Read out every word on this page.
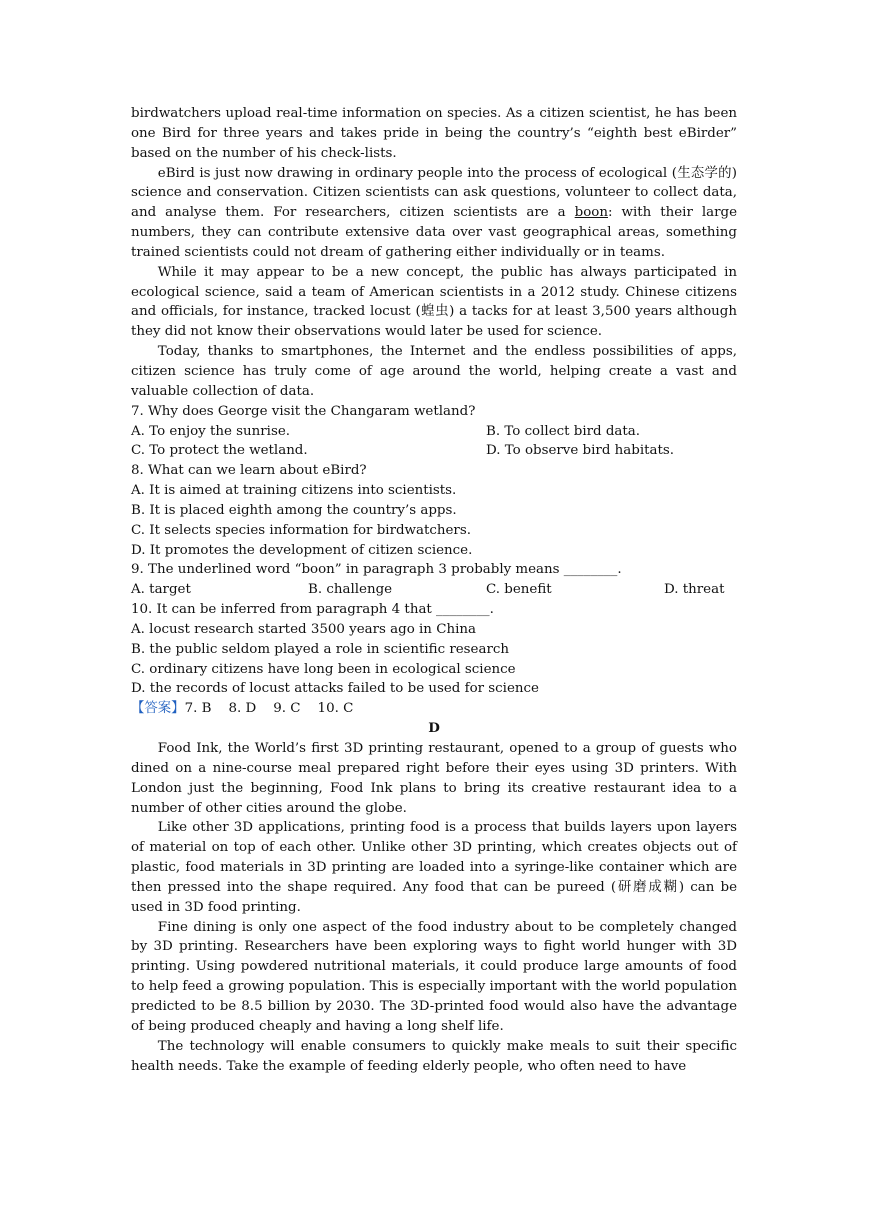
birdwatchers upload real-time information on species. As a citizen scientist, he has been one Bird for three years and takes pride in being the country’s “eighth best eBirder” based on the number of his check-lists.

eBird is just now drawing in ordinary people into the process of ecological (生态学的) science and conservation. Citizen scientists can ask questions, volunteer to collect data, and analyse them. For researchers, citizen scientists are a boon: with their large numbers, they can contribute extensive data over vast geographical areas, something trained scientists could not dream of gathering either individually or in teams.

While it may appear to be a new concept, the public has always participated in ecological science, said a team of American scientists in a 2012 study. Chinese citizens and officials, for instance, tracked locust (蝗虫) a tacks for at least 3,500 years although they did not know their observations would later be used for science.

Today, thanks to smartphones, the Internet and the endless possibilities of apps, citizen science has truly come of age around the world, helping create a vast and valuable collection of data.

7. Why does George visit the Changaram wetland?
A. To enjoy the sunrise.	B. To collect bird data.
C. To protect the wetland.	D. To observe bird habitats.
8. What can we learn about eBird?
A. It is aimed at training citizens into scientists.
B. It is placed eighth among the country’s apps.
C. It selects species information for birdwatchers.
D. It promotes the development of citizen science.
9. The underlined word “boon” in paragraph 3 probably means ________.
A. target	B. challenge	C. benefit	D. threat
10. It can be inferred from paragraph 4 that ________.
A. locust research started 3500 years ago in China
B. the public seldom played a role in scientific research
C. ordinary citizens have long been in ecological science
D. the records of locust attacks failed to be used for science
【答案】7. B    8. D    9. C    10. C
D

Food Ink, the World’s first 3D printing restaurant, opened to a group of guests who dined on a nine-course meal prepared right before their eyes using 3D printers. With London just the beginning, Food Ink plans to bring its creative restaurant idea to a number of other cities around the globe.

Like other 3D applications, printing food is a process that builds layers upon layers of material on top of each other. Unlike other 3D printing, which creates objects out of plastic, food materials in 3D printing are loaded into a syringe-like container which are then pressed into the shape required. Any food that can be pureed (研磨成糊) can be used in 3D food printing.

Fine dining is only one aspect of the food industry about to be completely changed by 3D printing. Researchers have been exploring ways to fight world hunger with 3D printing. Using powdered nutritional materials, it could produce large amounts of food to help feed a growing population. This is especially important with the world population predicted to be 8.5 billion by 2030. The 3D-printed food would also have the advantage of being produced cheaply and having a long shelf life.

The technology will enable consumers to quickly make meals to suit their specific health needs. Take the example of feeding elderly people, who often need to have
